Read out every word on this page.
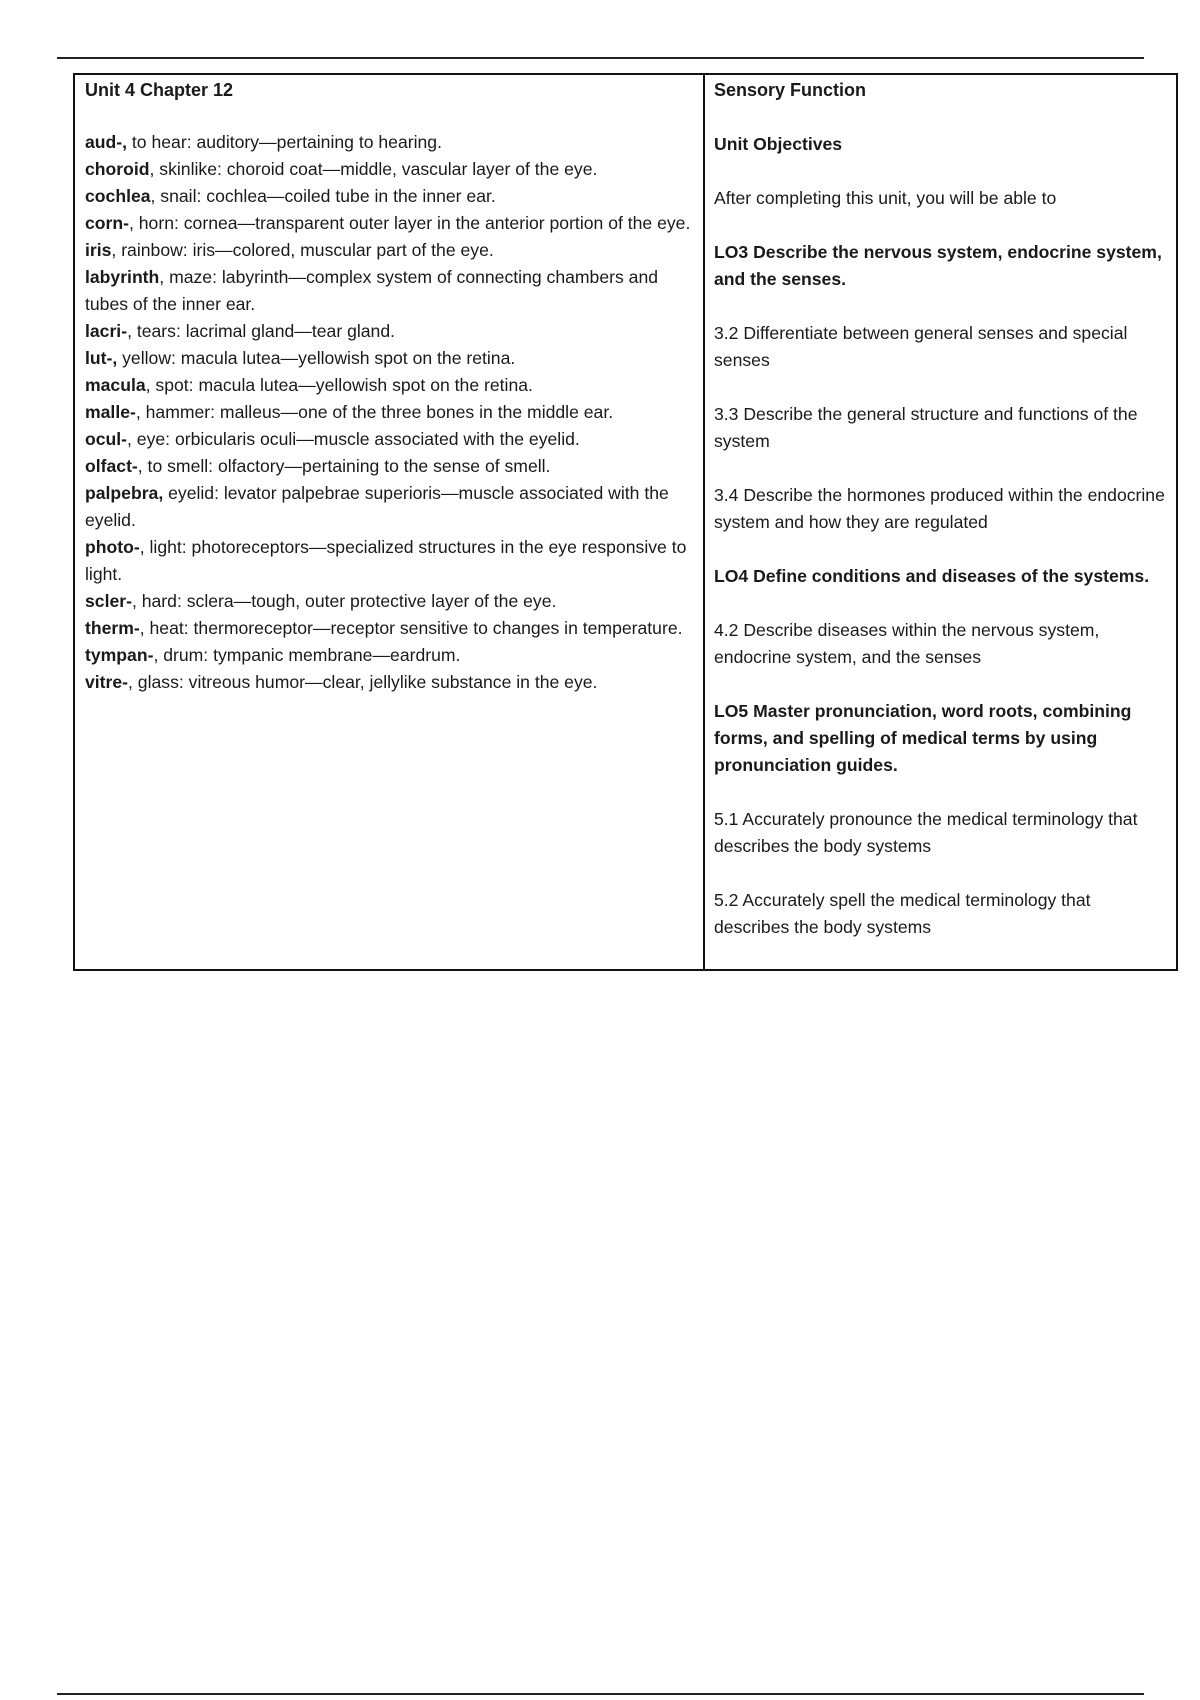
Unit 4 Chapter 12
aud-, to hear: auditory—pertaining to hearing.
choroid, skinlike: choroid coat—middle, vascular layer of the eye.
cochlea, snail: cochlea—coiled tube in the inner ear.
corn-, horn: cornea—transparent outer layer in the anterior portion of the eye.
iris, rainbow: iris—colored, muscular part of the eye.
labyrinth, maze: labyrinth—complex system of connecting chambers and tubes of the inner ear.
lacri-, tears: lacrimal gland—tear gland.
lut-, yellow: macula lutea—yellowish spot on the retina.
macula, spot: macula lutea—yellowish spot on the retina.
malle-, hammer: malleus—one of the three bones in the middle ear.
ocul-, eye: orbicularis oculi—muscle associated with the eyelid.
olfact-, to smell: olfactory—pertaining to the sense of smell.
palpebra, eyelid: levator palpebrae superioris—muscle associated with the eyelid.
photo-, light: photoreceptors—specialized structures in the eye responsive to light.
scler-, hard: sclera—tough, outer protective layer of the eye.
therm-, heat: thermoreceptor—receptor sensitive to changes in temperature.
tympan-, drum: tympanic membrane—eardrum.
vitre-, glass: vitreous humor—clear, jellylike substance in the eye.
Sensory Function

Unit Objectives

After completing this unit, you will be able to

LO3 Describe the nervous system, endocrine system, and the senses.

3.2 Differentiate between general senses and special senses

3.3 Describe the general structure and functions of the system

3.4 Describe the hormones produced within the endocrine system and how they are regulated

LO4 Define conditions and diseases of the systems.

4.2 Describe diseases within the nervous system, endocrine system, and the senses

LO5 Master pronunciation, word roots, combining forms, and spelling of medical terms by using pronunciation guides.

5.1 Accurately pronounce the medical terminology that describes the body systems

5.2 Accurately spell the medical terminology that describes the body systems
